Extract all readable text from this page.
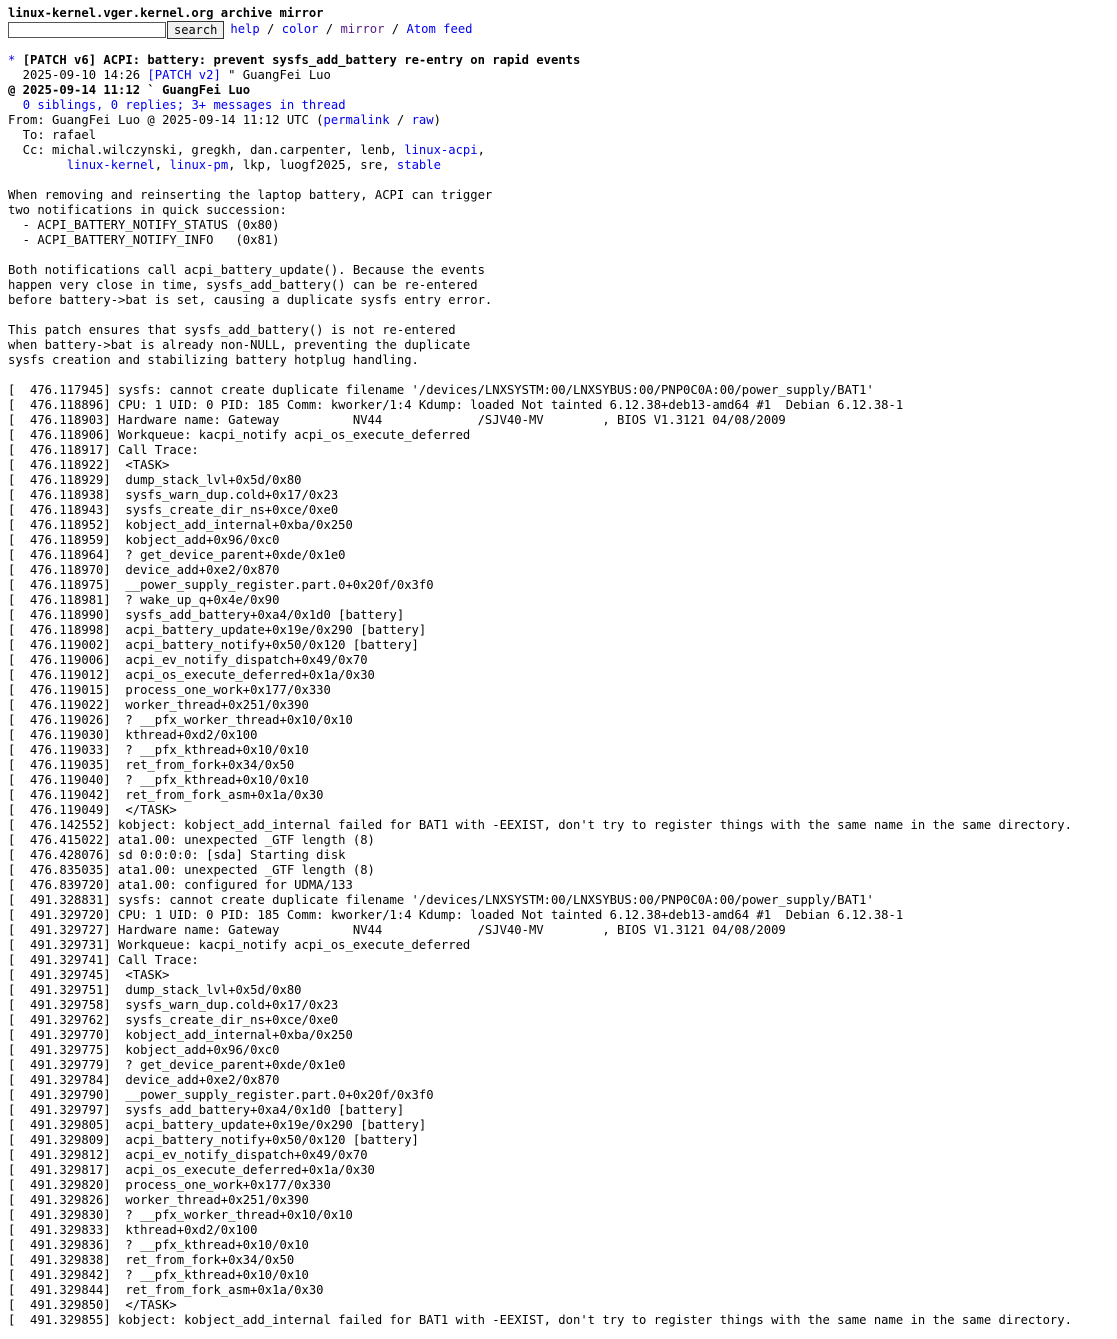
linux-kernel.vger.kernel.org archive mirror
search	help / color / mirror / Atom feed
* [PATCH v6] ACPI: battery: prevent sysfs_add_battery re-entry on rapid events
2025-09-10 14:26 [PATCH v2] " GuangFei Luo
@ 2025-09-14 11:12 ` GuangFei Luo
0 siblings, 0 replies; 3+ messages in thread
From: GuangFei Luo @ 2025-09-14 11:12 UTC (permalink / raw)
To: rafael
Cc: michal.wilczynski, gregkh, dan.carpenter, lenb, linux-acpi,
linux-kernel, linux-pm, lkp, luogf2025, sre, stable
When removing and reinserting the laptop battery, ACPI can trigger
two notifications in quick succession:
- ACPI_BATTERY_NOTIFY_STATUS (0x80)
- ACPI_BATTERY_NOTIFY_INFO   (0x81)

Both notifications call acpi_battery_update(). Because the events
happen very close in time, sysfs_add_battery() can be re-entered
before battery->bat is set, causing a duplicate sysfs entry error.

This patch ensures that sysfs_add_battery() is not re-entered
when battery->bat is already non-NULL, preventing the duplicate
sysfs creation and stabilizing battery hotplug handling.

[  476.117945] sysfs: cannot create duplicate filename '/devices/LNXSYSTM:00/LNXSYBUS:00/PNP0C0A:00/power_supply/BAT1'
[  476.118896] CPU: 1 UID: 0 PID: 185 Comm: kworker/1:4 Kdump: loaded Not tainted 6.12.38+deb13-amd64 #1  Debian 6.12.38-1
[  476.118903] Hardware name: Gateway          NV44             /SJV40-MV        , BIOS V1.3121 04/08/2009
[  476.118906] Workqueue: kacpi_notify acpi_os_execute_deferred
[  476.118917] Call Trace:
[  476.118922]  <TASK>
[  476.118929]  dump_stack_lvl+0x5d/0x80
[  476.118938]  sysfs_warn_dup.cold+0x17/0x23
[  476.118943]  sysfs_create_dir_ns+0xce/0xe0
[  476.118952]  kobject_add_internal+0xba/0x250
[  476.118959]  kobject_add+0x96/0xc0
[  476.118964]  ? get_device_parent+0xde/0x1e0
[  476.118970]  device_add+0xe2/0x870
[  476.118975]  __power_supply_register.part.0+0x20f/0x3f0
[  476.118981]  ? wake_up_q+0x4e/0x90
[  476.118990]  sysfs_add_battery+0xa4/0x1d0 [battery]
[  476.118998]  acpi_battery_update+0x19e/0x290 [battery]
[  476.119002]  acpi_battery_notify+0x50/0x120 [battery]
[  476.119006]  acpi_ev_notify_dispatch+0x49/0x70
[  476.119012]  acpi_os_execute_deferred+0x1a/0x30
[  476.119015]  process_one_work+0x177/0x330
[  476.119022]  worker_thread+0x251/0x390
[  476.119026]  ? __pfx_worker_thread+0x10/0x10
[  476.119030]  kthread+0xd2/0x100
[  476.119033]  ? __pfx_kthread+0x10/0x10
[  476.119035]  ret_from_fork+0x34/0x50
[  476.119040]  ? __pfx_kthread+0x10/0x10
[  476.119042]  ret_from_fork_asm+0x1a/0x30
[  476.119049]  </TASK>
[  476.142552] kobject: kobject_add_internal failed for BAT1 with -EEXIST, don't try to register things with the same name in the same directory.
[  476.415022] ata1.00: unexpected _GTF length (8)
[  476.428076] sd 0:0:0:0: [sda] Starting disk
[  476.835035] ata1.00: unexpected _GTF length (8)
[  476.839720] ata1.00: configured for UDMA/133
[  491.328831] sysfs: cannot create duplicate filename '/devices/LNXSYSTM:00/LNXSYBUS:00/PNP0C0A:00/power_supply/BAT1'
[  491.329720] CPU: 1 UID: 0 PID: 185 Comm: kworker/1:4 Kdump: loaded Not tainted 6.12.38+deb13-amd64 #1  Debian 6.12.38-1
[  491.329727] Hardware name: Gateway          NV44             /SJV40-MV        , BIOS V1.3121 04/08/2009
[  491.329731] Workqueue: kacpi_notify acpi_os_execute_deferred
[  491.329741] Call Trace:
[  491.329745]  <TASK>
[  491.329751]  dump_stack_lvl+0x5d/0x80
[  491.329758]  sysfs_warn_dup.cold+0x17/0x23
[  491.329762]  sysfs_create_dir_ns+0xce/0xe0
[  491.329770]  kobject_add_internal+0xba/0x250
[  491.329775]  kobject_add+0x96/0xc0
[  491.329779]  ? get_device_parent+0xde/0x1e0
[  491.329784]  device_add+0xe2/0x870
[  491.329790]  __power_supply_register.part.0+0x20f/0x3f0
[  491.329797]  sysfs_add_battery+0xa4/0x1d0 [battery]
[  491.329805]  acpi_battery_update+0x19e/0x290 [battery]
[  491.329809]  acpi_battery_notify+0x50/0x120 [battery]
[  491.329812]  acpi_ev_notify_dispatch+0x49/0x70
[  491.329817]  acpi_os_execute_deferred+0x1a/0x30
[  491.329820]  process_one_work+0x177/0x330
[  491.329826]  worker_thread+0x251/0x390
[  491.329830]  ? __pfx_worker_thread+0x10/0x10
[  491.329833]  kthread+0xd2/0x100
[  491.329836]  ? __pfx_kthread+0x10/0x10
[  491.329838]  ret_from_fork+0x34/0x50
[  491.329842]  ? __pfx_kthread+0x10/0x10
[  491.329844]  ret_from_fork_asm+0x1a/0x30
[  491.329850]  </TASK>
[  491.329855] kobject: kobject_add_internal failed for BAT1 with -EEXIST, don't try to register things with the same name in the same directory.
